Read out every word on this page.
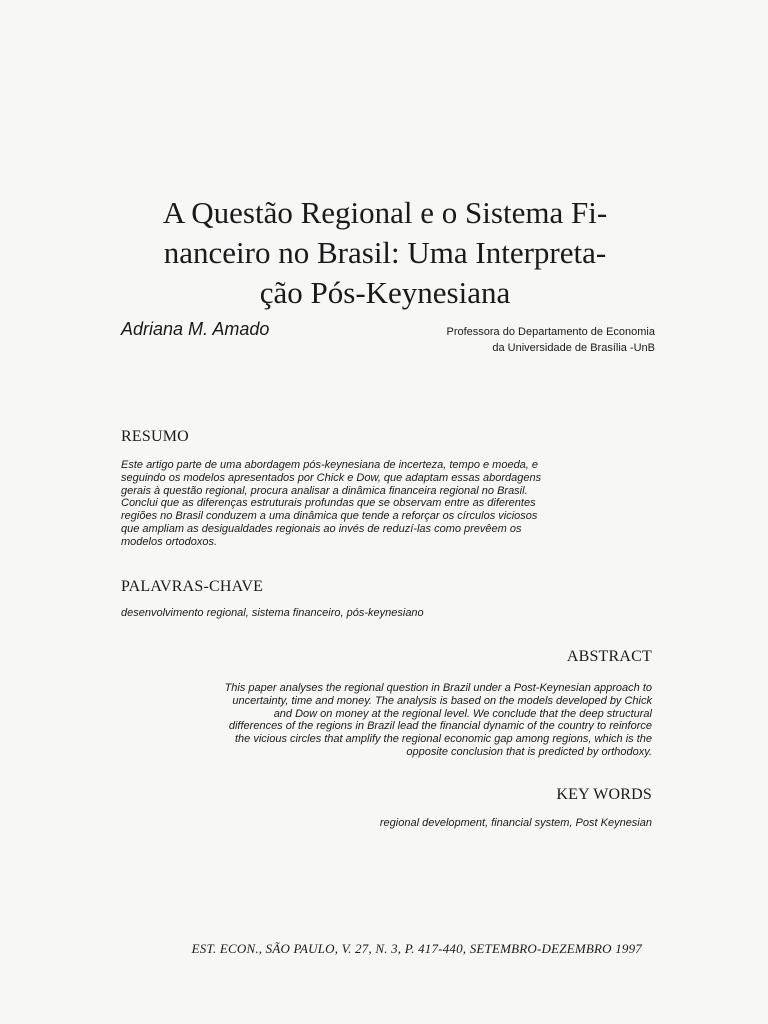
A Questão Regional e o Sistema Fi-
nanceiro no Brasil: Uma Interpreta-
ção Pós-Keynesiana
Adriana M. Amado	Professora do Departamento de Economia
da Universidade de Brasília -UnB
RESUMO
Este artigo parte de uma abordagem pós-keynesiana de incerteza, tempo e moeda, e
seguindo os modelos apresentados por Chick e Dow, que adaptam essas abordagens
gerais à questão regional, procura analisar a dinâmica financeira regional no Brasil.
Conclui que as diferenças estruturais profundas que se observam entre as diferentes
regiões no Brasil conduzem a uma dinâmica que tende a reforçar os círculos viciosos
que ampliam as desigualdades regionais ao invés de reduzí-las como prevêem os
modelos ortodoxos.
PALAVRAS-CHAVE
desenvolvimento regional, sistema financeiro, pós-keynesiano
ABSTRACT
This paper analyses the regional question in Brazil under a Post-Keynesian approach to
uncertainty, time and money. The analysis is based on the models developed by Chick
and Dow on money at the regional level. We conclude that the deep structural
differences of the regions in Brazil lead the financial dynamic of the country to reinforce
the vicious circles that amplify the regional economic gap among regions, which is the
opposite conclusion that is predicted by orthodoxy.
KEY WORDS
regional development, financial system, Post Keynesian
EST. ECON., SÃO PAULO, V. 27, N. 3, P. 417-440, SETEMBRO-DEZEMBRO 1997
